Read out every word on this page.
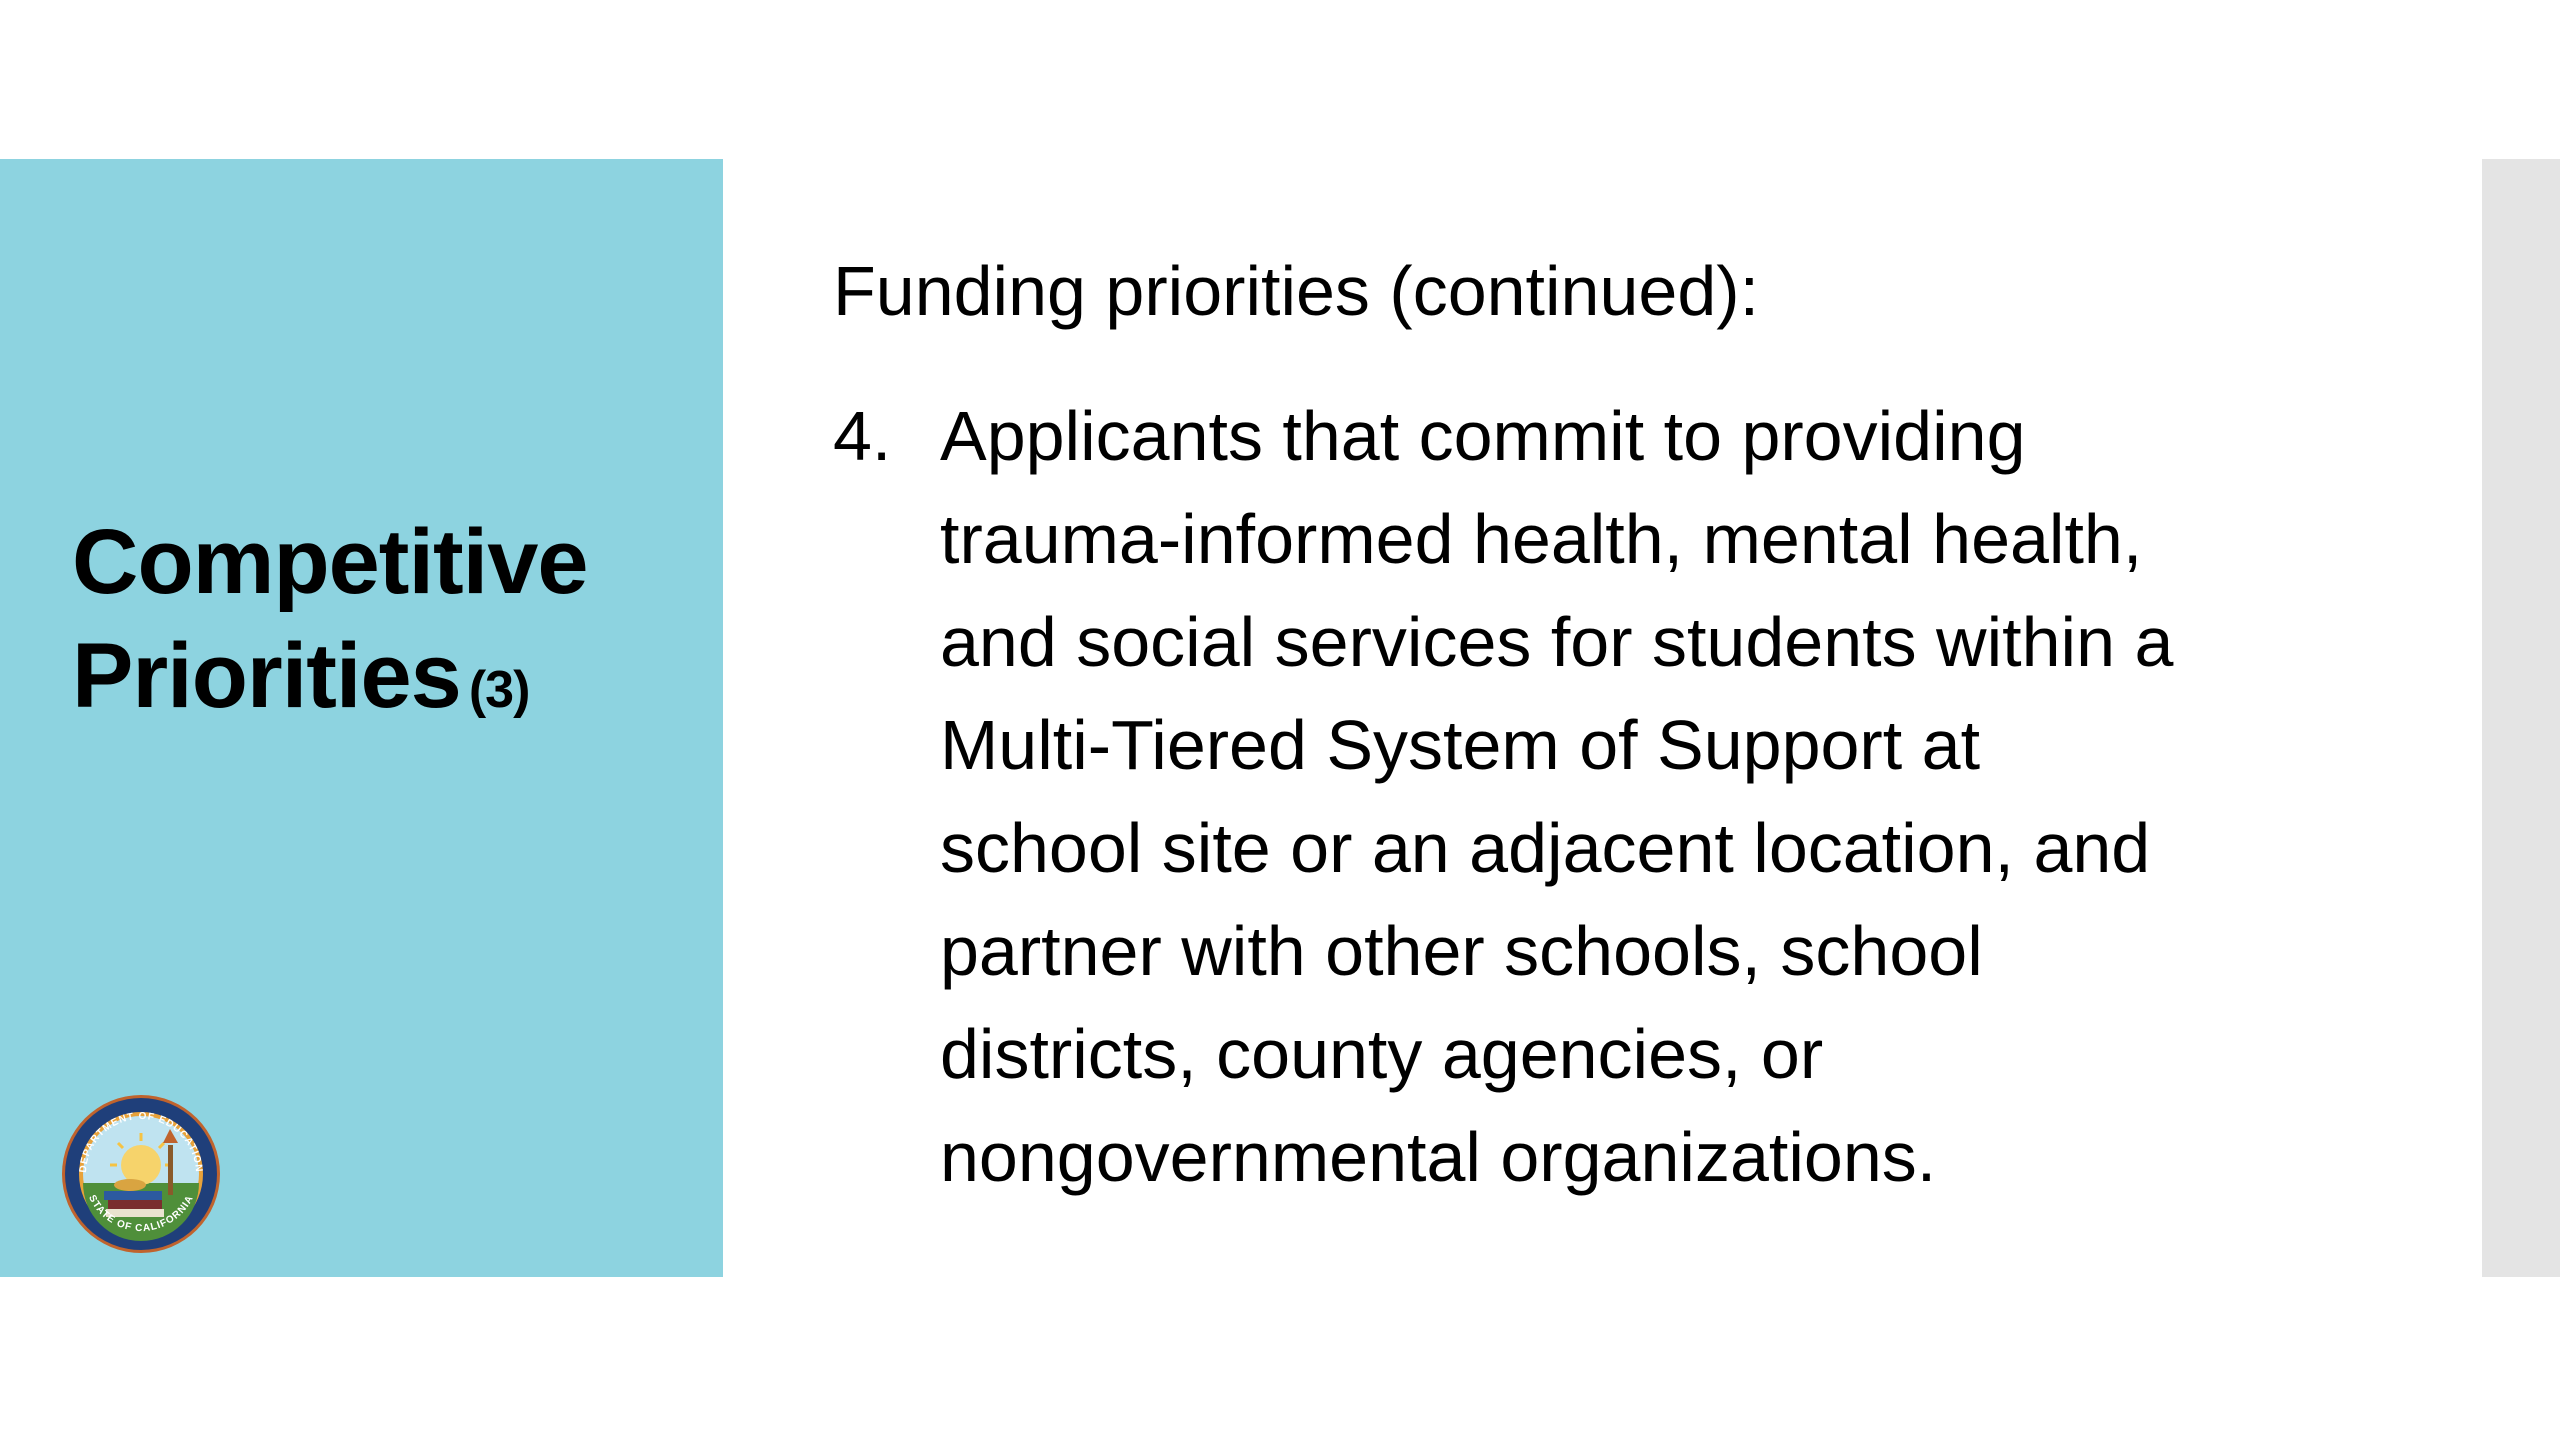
Competitive
Priorities (3)
DEPARTMENT OF EDUCATION
STATE OF CALIFORNIA

Funding priorities (continued):

4. Applicants that commit to providing
trauma-informed health, mental health,
and social services for students within a
Multi-Tiered System of Support at
school site or an adjacent location, and
partner with other schools, school
districts, county agencies, or
nongovernmental organizations.
